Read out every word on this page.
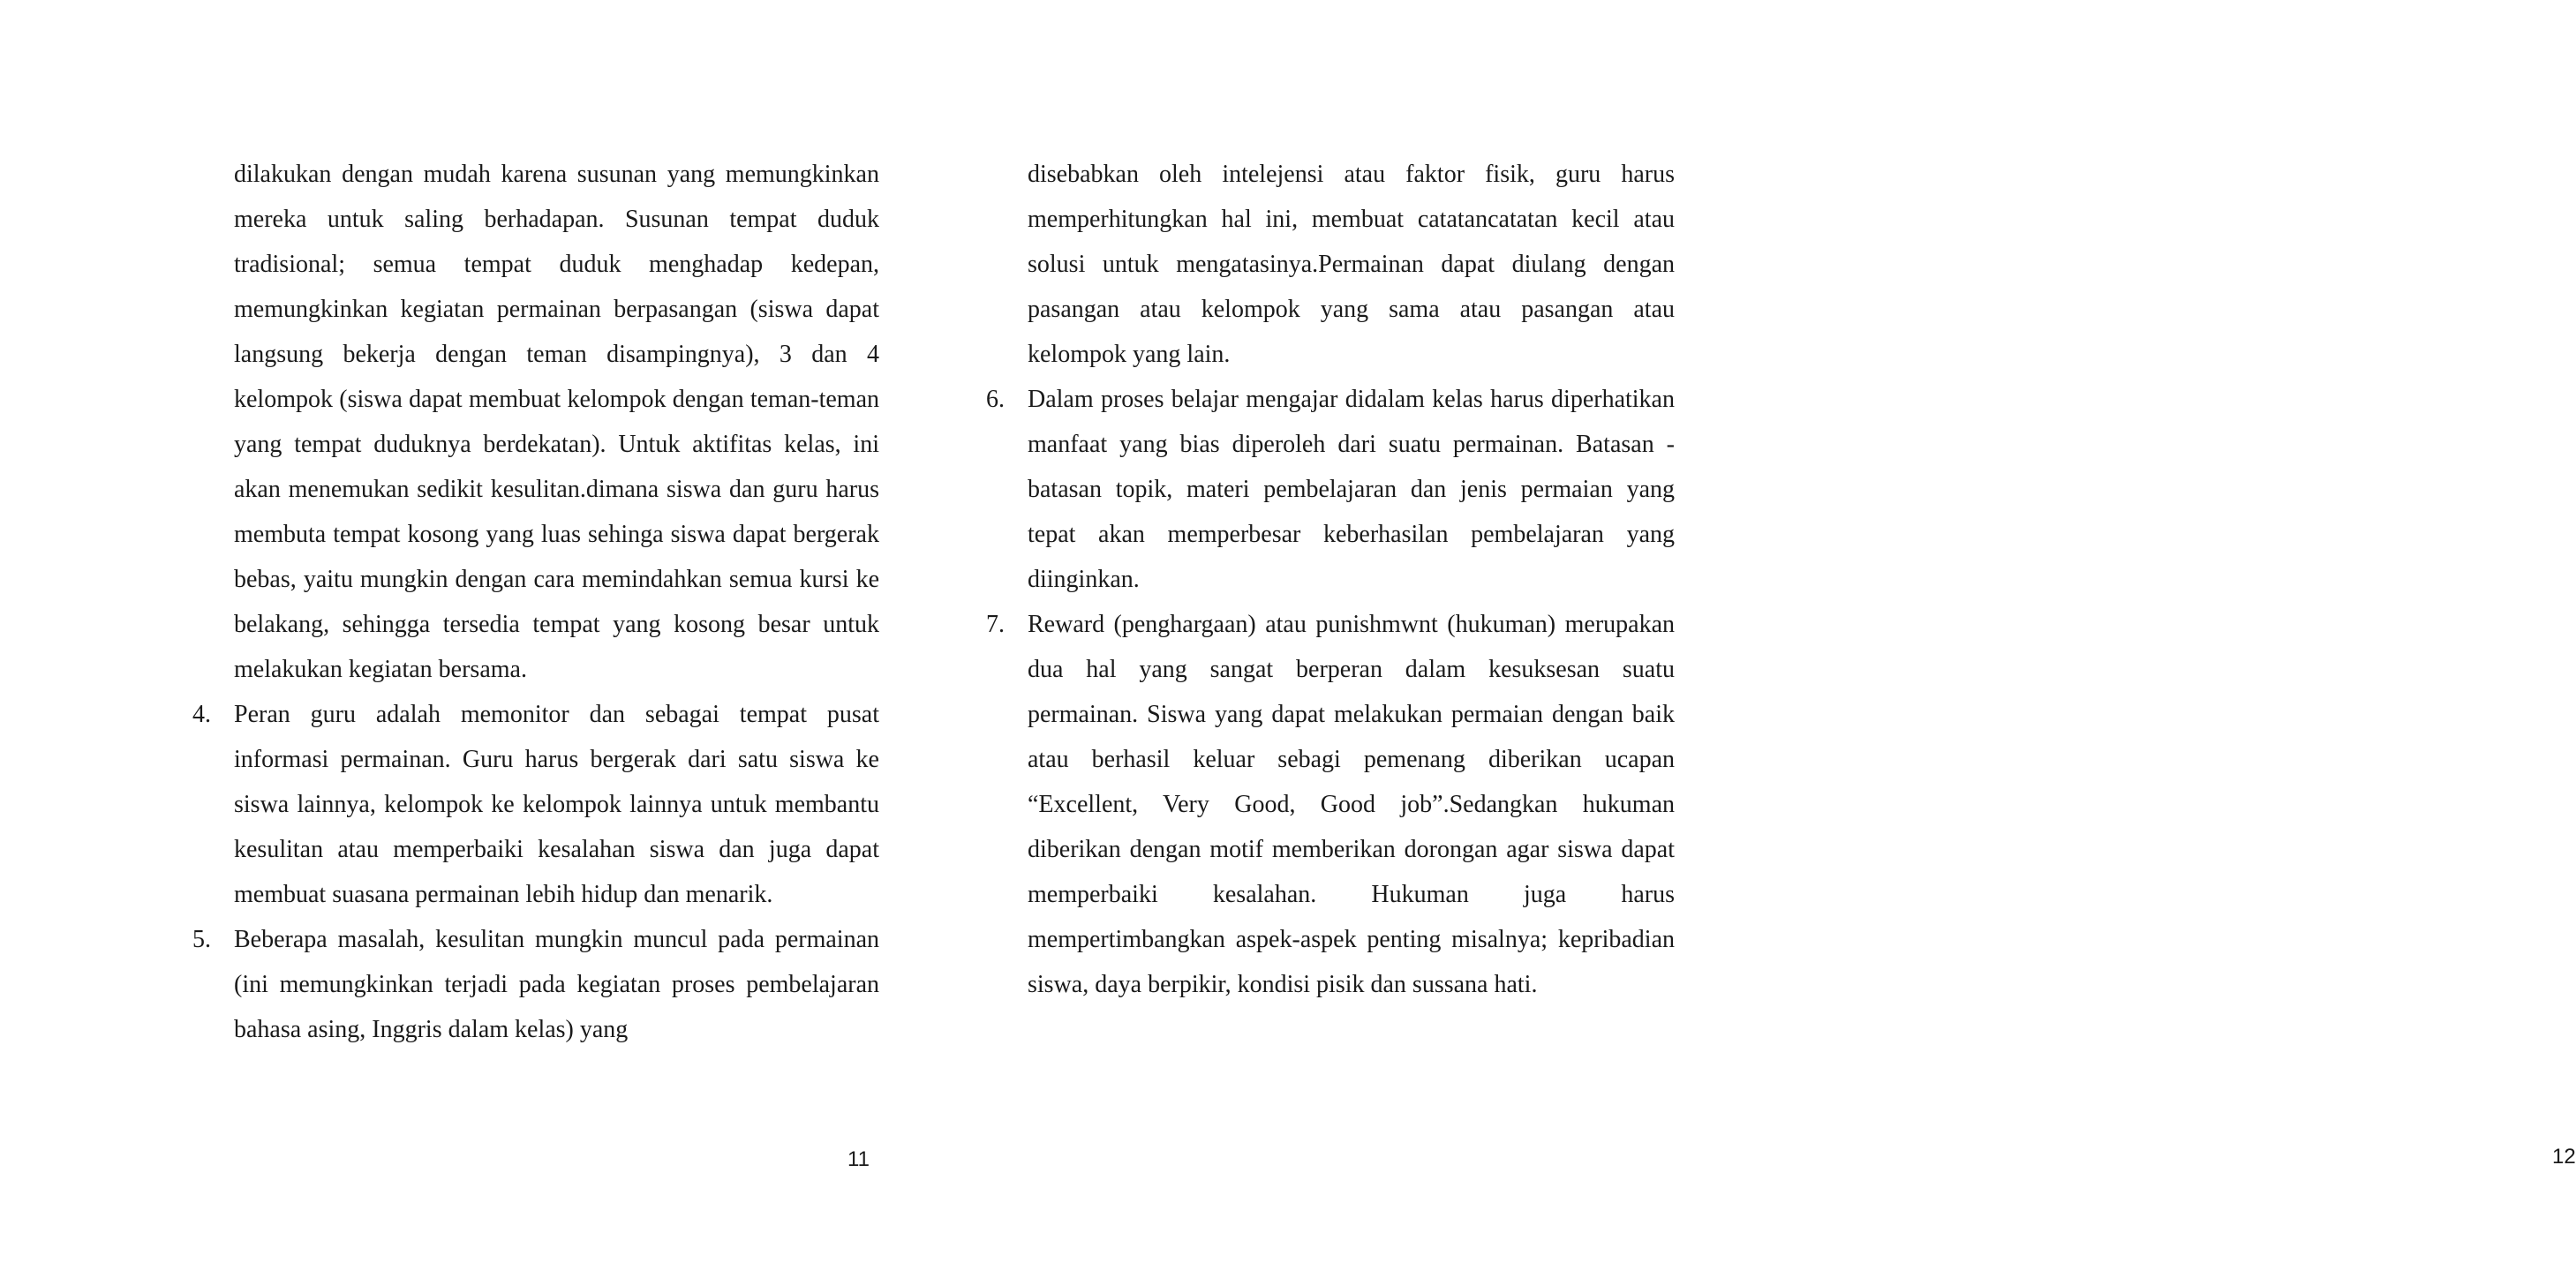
dilakukan dengan mudah karena susunan yang memungkinkan mereka untuk saling berhadapan. Susunan tempat duduk tradisional; semua tempat duduk menghadap kedepan, memungkinkan kegiatan permainan berpasangan (siswa dapat langsung bekerja dengan teman disampingnya), 3 dan 4 kelompok (siswa dapat membuat kelompok dengan teman-teman yang tempat duduknya berdekatan). Untuk aktifitas kelas, ini akan menemukan sedikit kesulitan.dimana siswa dan guru harus membuta tempat kosong yang luas sehinga siswa dapat bergerak bebas, yaitu mungkin dengan cara memindahkan semua kursi ke belakang, sehingga tersedia tempat yang kosong besar untuk melakukan kegiatan bersama.

4. Peran guru adalah memonitor dan sebagai tempat pusat informasi permainan. Guru harus bergerak dari satu siswa ke siswa lainnya, kelompok ke kelompok lainnya untuk membantu kesulitan atau memperbaiki kesalahan siswa dan juga dapat membuat suasana permainan lebih hidup dan menarik.
5. Beberapa masalah, kesulitan mungkin muncul pada permainan (ini memungkinkan terjadi pada kegiatan proses pembelajaran bahasa asing, Inggris dalam kelas) yang
11	12

disebabkan oleh intelejensi atau faktor fisik, guru harus memperhitungkan hal ini, membuat catatancatatan kecil atau solusi untuk mengatasinya.Permainan dapat diulang dengan pasangan atau kelompok yang sama atau pasangan atau kelompok yang lain.

6. Dalam proses belajar mengajar didalam kelas harus diperhatikan manfaat yang bias diperoleh dari suatu permainan. Batasan -batasan topik, materi pembelajaran dan jenis permaian yang tepat akan memperbesar keberhasilan pembelajaran yang diinginkan.
7. Reward (penghargaan) atau punishmwnt (hukuman) merupakan dua hal yang sangat berperan dalam kesuksesan suatu permainan. Siswa yang dapat melakukan permaian dengan baik atau berhasil keluar sebagi pemenang diberikan ucapan “Excellent, Very Good, Good job”.Sedangkan hukuman diberikan dengan motif memberikan dorongan agar siswa dapat memperbaiki kesalahan. Hukuman juga harus mempertimbangkan aspek-aspek penting misalnya; kepribadian siswa, daya berpikir, kondisi pisik dan sussana hati.
